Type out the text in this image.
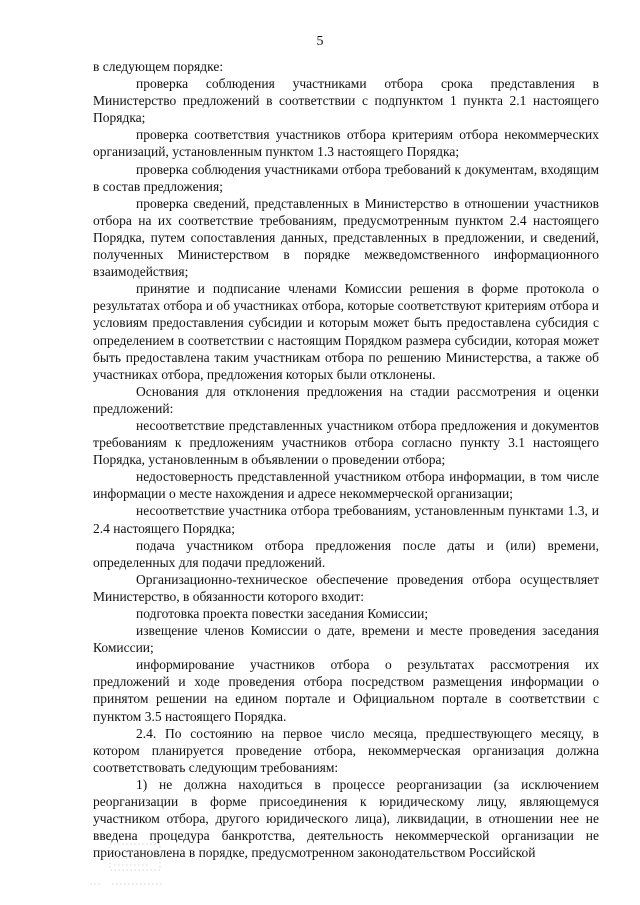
5

в следующем порядке:

проверка соблюдения участниками отбора срока представления в Министерство предложений в соответствии с подпунктом 1 пункта 2.1 настоящего Порядка;

проверка соответствия участников отбора критериям отбора некоммерческих организаций, установленным пунктом 1.3 настоящего Порядка;

проверка соблюдения участниками отбора требований к документам, входящим в состав предложения;

проверка сведений, представленных в Министерство в отношении участников отбора на их соответствие требованиям, предусмотренным пунктом 2.4 настоящего Порядка, путем сопоставления данных, представленных в предложении, и сведений, полученных Министерством в порядке межведомственного информационного взаимодействия;

принятие и подписание членами Комиссии решения в форме протокола о результатах отбора и об участниках отбора, которые соответствуют критериям отбора и условиям предоставления субсидии и которым может быть предоставлена субсидия с определением в соответствии с настоящим Порядком размера субсидии, которая может быть предоставлена таким участникам отбора по решению Министерства, а также об участниках отбора, предложения которых были отклонены.

Основания для отклонения предложения на стадии рассмотрения и оценки предложений:

несоответствие представленных участником отбора предложения и документов требованиям к предложениям участников отбора согласно пункту 3.1 настоящего Порядка, установленным в объявлении о проведении отбора;

недостоверность представленной участником отбора информации, в том числе информации о месте нахождения и адресе некоммерческой организации;

несоответствие участника отбора требованиям, установленным пунктами 1.3, и 2.4 настоящего Порядка;

подача участником отбора предложения после даты и (или) времени, определенных для подачи предложений.

Организационно-техническое обеспечение проведения отбора осуществляет Министерство, в обязанности которого входит:

подготовка проекта повестки заседания Комиссии;

извещение членов Комиссии о дате, времени и месте проведения заседания Комиссии;

информирование участников отбора о результатах рассмотрения их предложений и ходе проведения отбора посредством размещения информации о принятом решении на едином портале и Официальном портале в соответствии с пунктом 3.5 настоящего Порядка.

2.4. По состоянию на первое число месяца, предшествующего месяцу, в котором планируется проведение отбора, некоммерческая организация должна соответствовать следующим требованиям:

1) не должна находиться в процессе реорганизации (за исключением реорганизации в форме присоединения к юридическому лицу, являющемуся участником отбора, другого юридического лица), ликвидации, в отношении нее не введена процедура банкротства, деятельность некоммерческой организации не приостановлена в порядке, предусмотренном законодательством Российской
